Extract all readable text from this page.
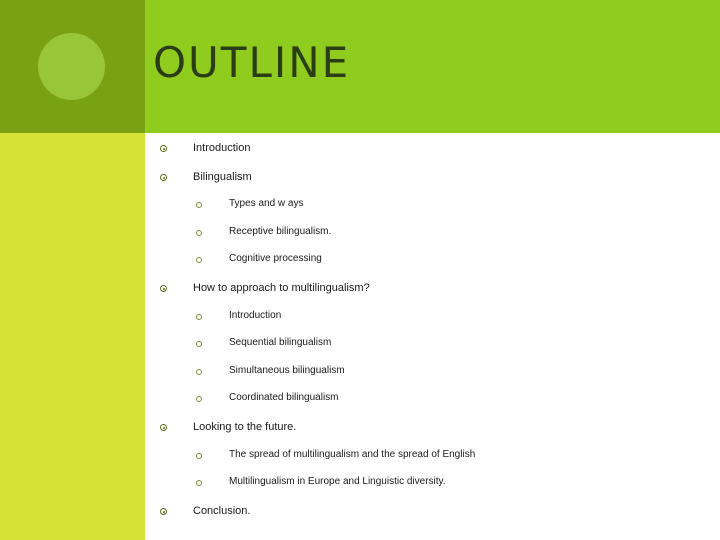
OUTLINE
Introduction
Bilingualism
Types and w ays
Receptive bilingualism.
Cognitive processing
How to approach to multilingualism?
Introduction
Sequential bilingualism
Simultaneous bilingualism
Coordinated bilingualism
Looking to the future.
The spread of multilingualism and the spread of English
Multilingualism in Europe and Linguistic diversity.
Conclusion.
